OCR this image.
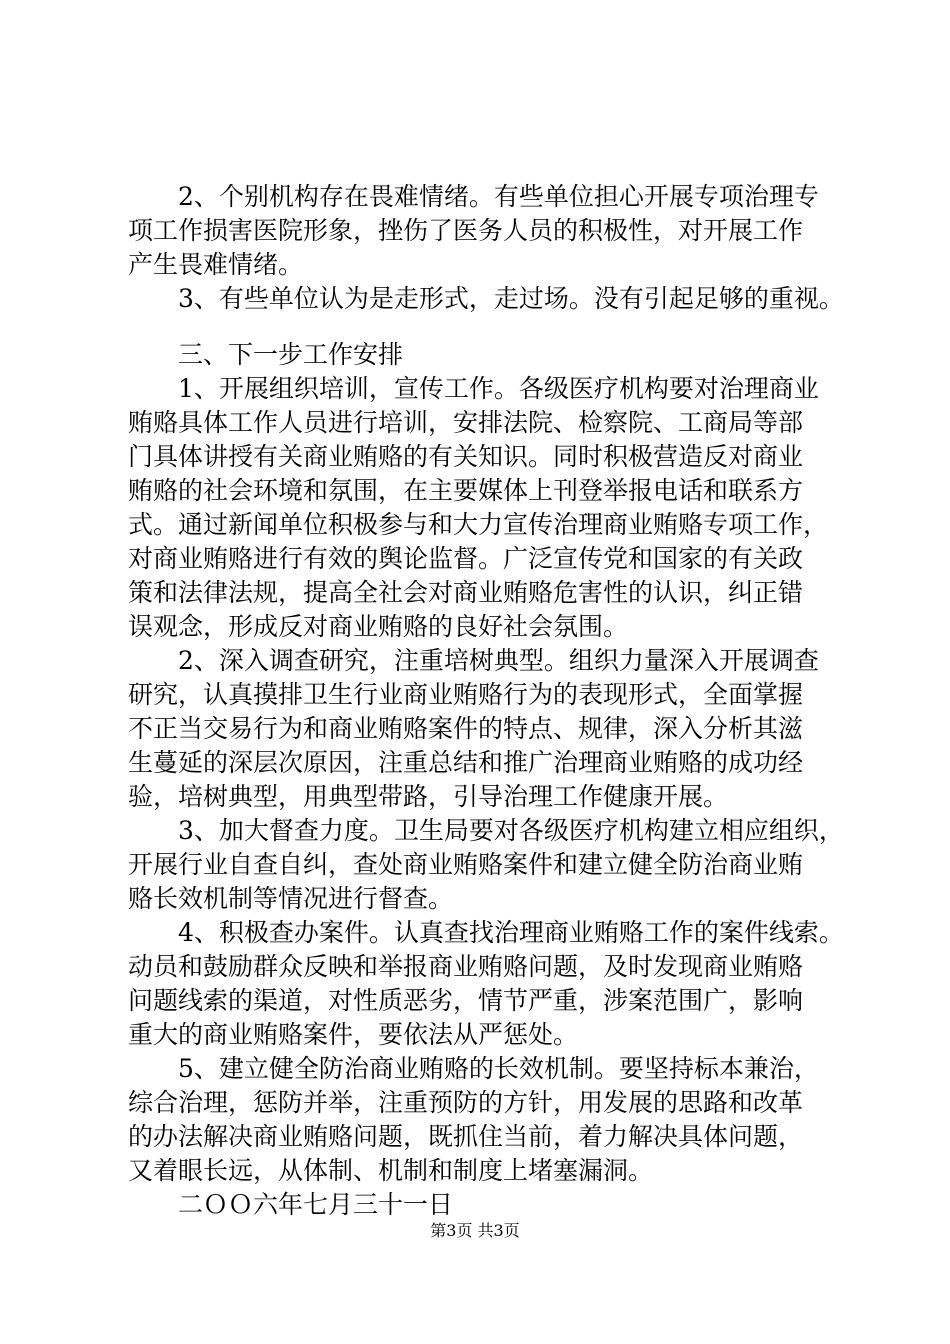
2、个别机构存在畏难情绪。有些单位担心开展专项治理专
项工作损害医院形象，挫伤了医务人员的积极性，对开展工作
产生畏难情绪。
3、有些单位认为是走形式，走过场。没有引起足够的重视。
三、下一步工作安排
1、开展组织培训，宣传工作。各级医疗机构要对治理商业
贿赂具体工作人员进行培训，安排法院、检察院、工商局等部
门具体讲授有关商业贿赂的有关知识。同时积极营造反对商业
贿赂的社会环境和氛围，在主要媒体上刊登举报电话和联系方
式。通过新闻单位积极参与和大力宣传治理商业贿赂专项工作，
对商业贿赂进行有效的舆论监督。广泛宣传党和国家的有关政
策和法律法规，提高全社会对商业贿赂危害性的认识，纠正错
误观念，形成反对商业贿赂的良好社会氛围。
2、深入调查研究，注重培树典型。组织力量深入开展调查
研究，认真摸排卫生行业商业贿赂行为的表现形式，全面掌握
不正当交易行为和商业贿赂案件的特点、规律，深入分析其滋
生蔓延的深层次原因，注重总结和推广治理商业贿赂的成功经
验，培树典型，用典型带路，引导治理工作健康开展。
3、加大督查力度。卫生局要对各级医疗机构建立相应组织，
开展行业自查自纠，查处商业贿赂案件和建立健全防治商业贿
赂长效机制等情况进行督查。
4、积极查办案件。认真查找治理商业贿赂工作的案件线索。
动员和鼓励群众反映和举报商业贿赂问题，及时发现商业贿赂
问题线索的渠道，对性质恶劣，情节严重，涉案范围广，影响
重大的商业贿赂案件，要依法从严惩处。
5、建立健全防治商业贿赂的长效机制。要坚持标本兼治，
综合治理，惩防并举，注重预防的方针，用发展的思路和改革
的办法解决商业贿赂问题，既抓住当前，着力解决具体问题，
又着眼长远，从体制、机制和制度上堵塞漏洞。
二ＯＯ六年七月三十一日
第3页 共3页
